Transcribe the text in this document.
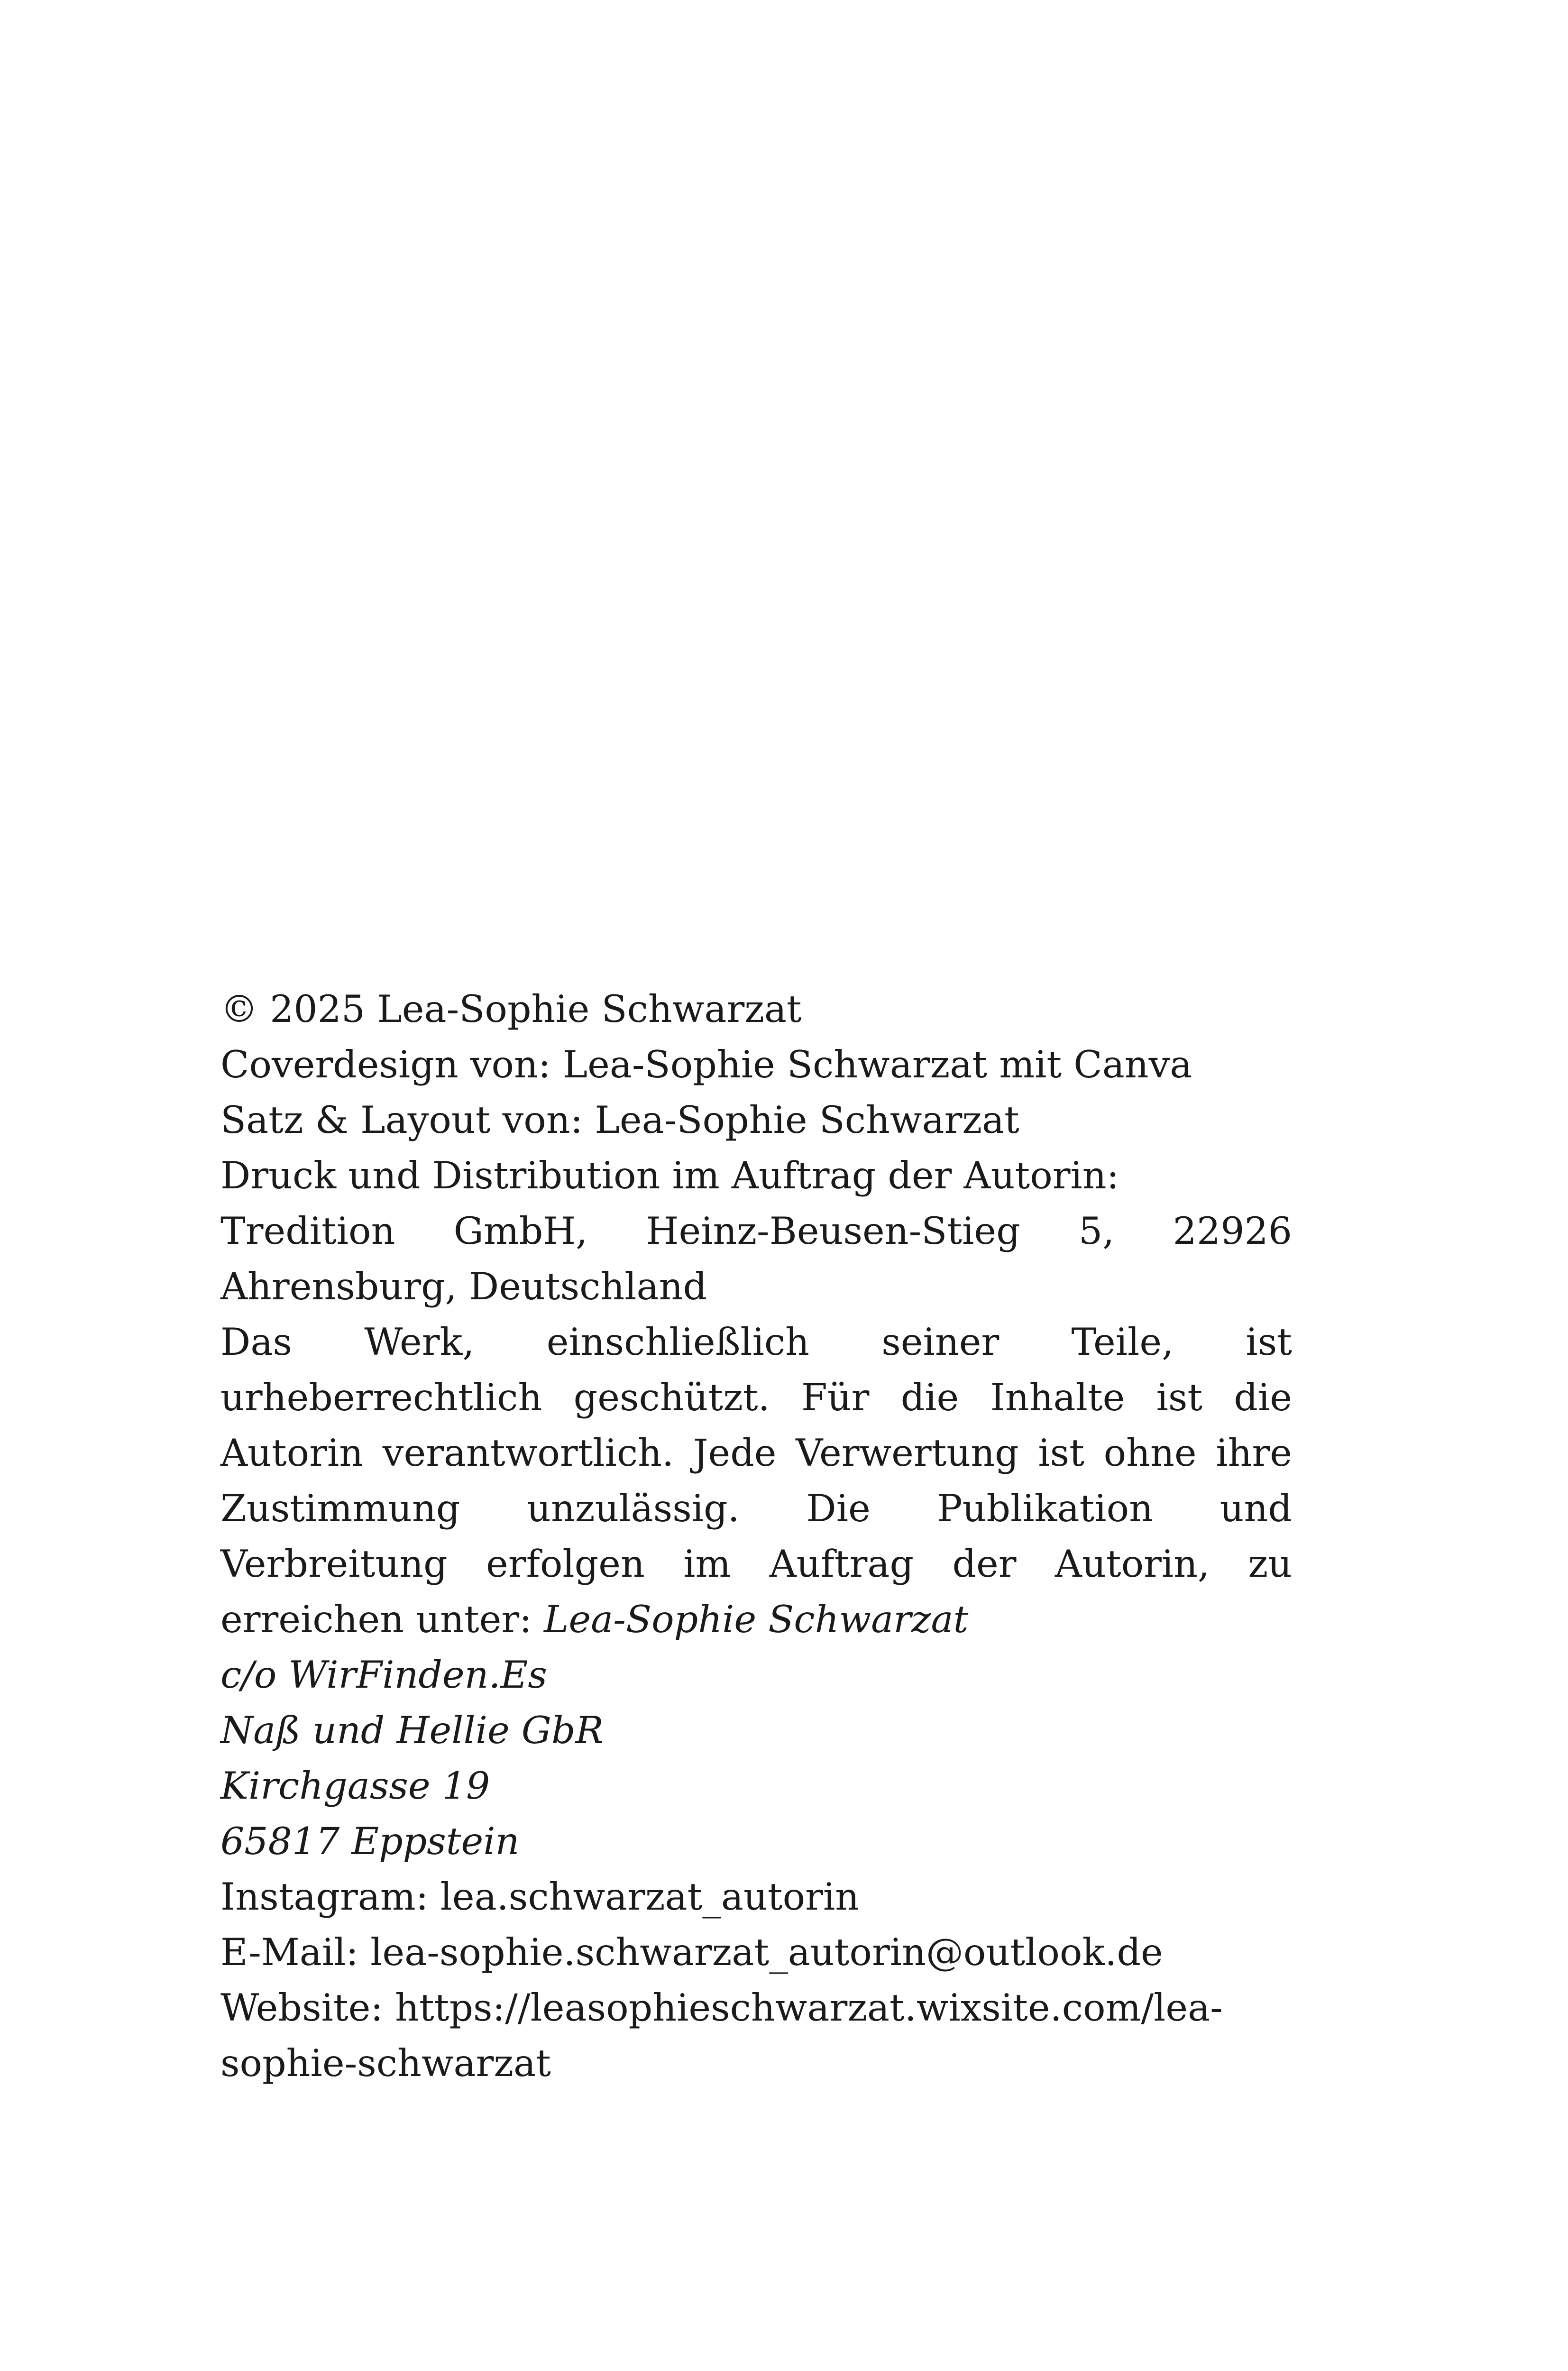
© 2025 Lea-Sophie Schwarzat
Coverdesign von: Lea-Sophie Schwarzat mit Canva
Satz & Layout von: Lea-Sophie Schwarzat
Druck und Distribution im Auftrag der Autorin:
Tredition GmbH, Heinz-Beusen-Stieg 5, 22926
Ahrensburg, Deutschland
Das Werk, einschließlich seiner Teile, ist urheberrechtlich geschützt. Für die Inhalte ist die Autorin verantwortlich. Jede Verwertung ist ohne ihre Zustimmung unzulässig. Die Publikation und Verbreitung erfolgen im Auftrag der Autorin, zu erreichen unter: Lea-Sophie Schwarzat
c/o WirFinden.Es
Naß und Hellie GbR
Kirchgasse 19
65817 Eppstein
Instagram: lea.schwarzat_autorin
E-Mail: lea-sophie.schwarzat_autorin@outlook.de
Website: https://leasophieschwarzat.wixsite.com/lea-
sophie-schwarzat
